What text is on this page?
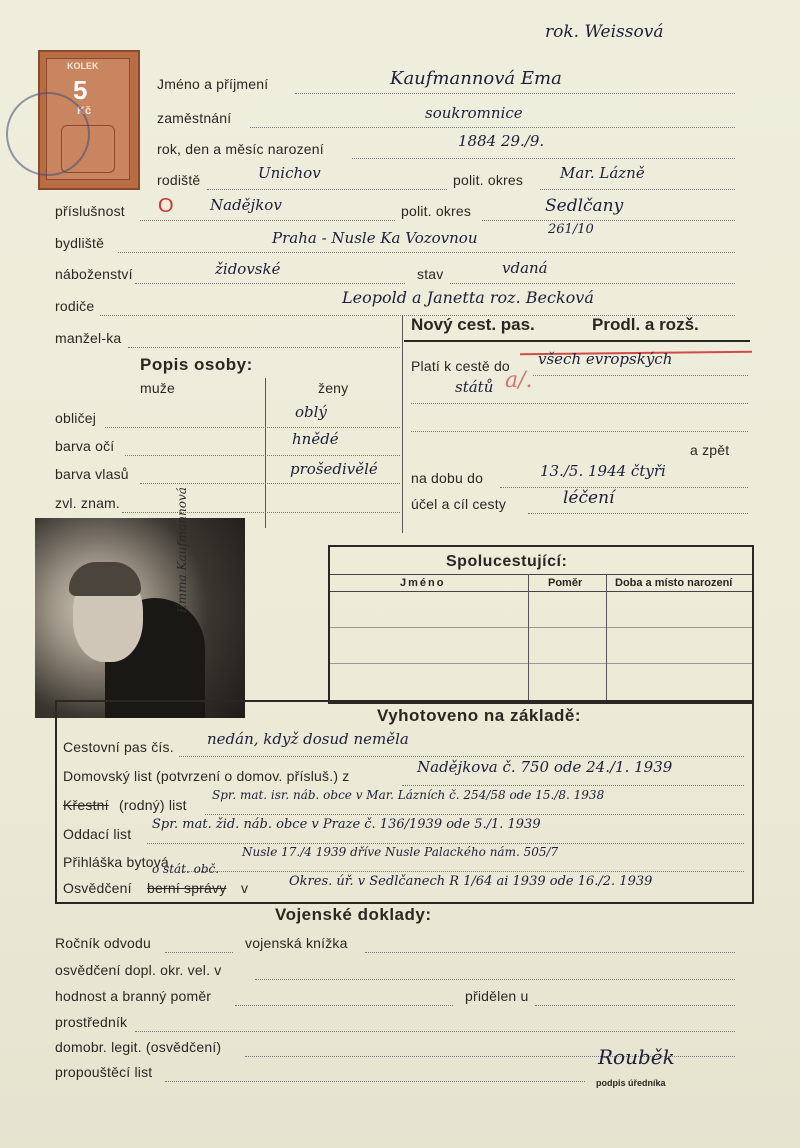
rok. Weissová
KOLEK
5
Kč
Jméno a příjmení	Kaufmannová Ema
zaměstnání	soukromnice
rok, den a měsíc narození	1884 29./9.
rodiště	Unichov	polit. okres Mar. Lázně
příslušnost O Nadějkov	polit. okres	Sedlčany
bydliště	Praha - Nusle Ka Vozovnou	261/10
náboženství	židovské	stav	vdaná
rodiče	Leopold a Janetta roz. Becková
manžel-ka
Nový cest. pas.	Prodl. a rozš.
Platí k cestě do všech evropských
států a/.
a zpět
na dobu do	13./5. 1944 čtyři
účel a cíl cesty	léčení
Popis osoby:
muže	ženy
obličej	oblý
barva očí	hnědé
barva vlasů	prošedivělé
zvl. znam.	Emma Kaufmannová	Spolucestující:
Jméno	Poměr	Doba a místo narození
Vyhotoveno na základě:
Cestovní pas čís. nedán, když dosud neměla
Domovský list (potvrzení o domov. přísluš.) z	Nadějkova č. 750 ode 24./1. 1939
Křestní (rodný) list
Spr. mat. isr. náb. obce v Mar. Lázních č. 254/58 ode 15./8. 1938
Oddací list
Spr. mat. žid. náb. obce v Praze č. 136/1939 ode 5./1. 1939
Přihláška bytová
Nusle 17./4 1939 dříve Nusle Palackého nám. 505/7
Osvědčení berní správy v
o stát. obč.
Okres. úř. v Sedlčanech R 1/64 ai 1939 ode 16./2. 1939
Vojenské doklady:
Ročník odvodu	vojenská knížka
osvědčení dopl. okr. vel. v
hodnost a branný poměr	přidělen u
prostředník
domobr. legit. (osvědčení)
propouštěcí list
Rouběk
podpis úředníka
